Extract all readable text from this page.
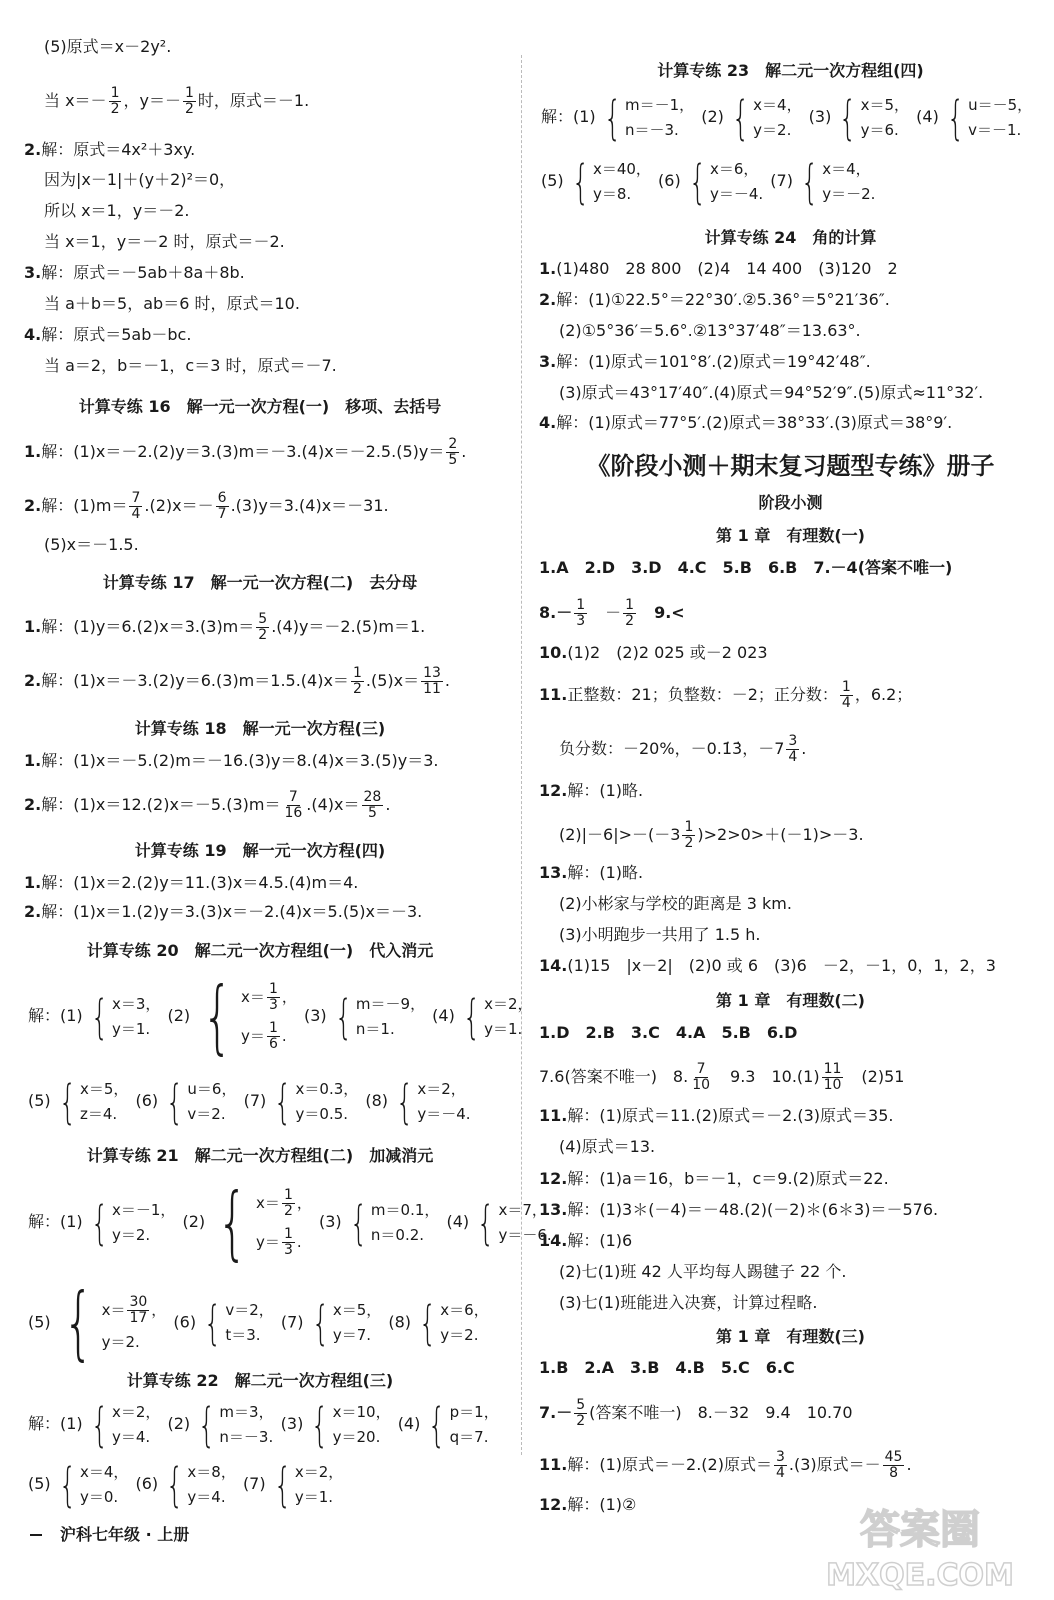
(5)原式＝x－2y².
当 $x=- \frac{1}{2}$ ，$y=- \frac{1}{2}$ 时，原式＝－1.
2.解：原式＝4x²＋3xy.
因为|x－1|＋(y＋2)²＝0，
所以 x＝1，y＝－2.
当 x＝1，y＝－2 时，原式＝－2.
3.解：原式＝－5ab＋8a＋8b.
当 a＋b＝5，ab＝6 时，原式＝10.
4.解：原式＝5ab－bc.
当 a＝2，b＝－1，c＝3 时，原式＝－7.
计算专练 16　解一元一次方程(一)　移项、去括号
1.解：$(1)x=-2.(2)y=3.(3)m=-3.(4)x=-2.5.(5)y= \frac{2}{5}$ .
2.解：$(1)m= \frac{7}{4} .(2)x=- \frac{6}{7} .(3)y=3.(4)x=-31$.
(5)x＝－1.5.
计算专练 17　解一元一次方程(二)　去分母
1.解：$(1)y=6.(2)x=3.(3)m= \frac{5}{2} .(4)y=-2.(5)m=1$.
2.解：$(1)x=-3.(2)y=6.(3)m=1.5.(4)x= \frac{1}{2} .(5)x= \frac{13}{11}$ .
计算专练 18　解一元一次方程(三)
1.解：(1)x＝－5.(2)m＝－16.(3)y＝8.(4)x＝3.(5)y＝3.
2.解：$(1)x=12.(2)x=-5.(3)m= \frac{7}{16} .(4)x= \frac{28}{5}$ .
计算专练 19　解一元一次方程(四)
1.解：(1)x＝2.(2)y＝11.(3)x＝4.5.(4)m＝4.
2.解：(1)x＝1.(2)y＝3.(3)x＝－2.(4)x＝5.(5)x＝－3.
计算专练 20　解二元一次方程组(一)　代入消元
解：(1) { x＝3，
y＝1.
(2) { $x= \frac{1}{3}$ ，
$y= \frac{1}{6}$ .
(3) { m＝－9，
n＝1.
(4) { x＝2，
y＝1.
(5) { x＝5，
z＝4.
(6) { u＝6，
v＝2.
(7) { x＝0.3，
y＝0.5.
(8) { x＝2，
y＝－4.
计算专练 21　解二元一次方程组(二)　加减消元
解：(1) { x＝－1，
y＝2.
(2) { $x= \frac{1}{2}$ ，
$y= \frac{1}{3}$ .
(3) { m＝0.1，
n＝0.2.
(4) { x＝7，
y＝－6.
(5) { $x= \frac{30}{17}$ ，
y＝2.
(6) { v＝2，
t＝3.
(7) { x＝5，
y＝7.
(8) { x＝6，
y＝2.
计算专练 22　解二元一次方程组(三)
解：(1) { x＝2，
y＝4.
(2) { m＝3，
n＝－3.
(3) { x＝10，
y＝20.
(4) { p＝1，
q＝7.
(5) { x＝4，
y＝0.
(6) { x＝8，
y＝4.
(7) { x＝2，
y＝1.
计算专练 23　解二元一次方程组(四)
解：(1) { m＝－1，
n＝－3.
(2) { x＝4，
y＝2.
(3) { x＝5，
y＝6.
(4) { u＝－5，
v＝－1.
(5) { x＝40，
y＝8.
(6) { x＝6，
y＝－4.
(7) { x＝4，
y＝－2.
计算专练 24　角的计算
1.(1)480　28 800　(2)4　14 400　(3)120　2
2.解：(1)①22.5°＝22°30′.②5.36°＝5°21′36″.
(2)①5°36′＝5.6°.②13°37′48″＝13.63°.
3.解：(1)原式＝101°8′.(2)原式＝19°42′48″.
(3)原式＝43°17′40″.(4)原式＝94°52′9″.(5)原式≈11°32′.
4.解：(1)原式＝77°5′.(2)原式＝38°33′.(3)原式＝38°9′.
《阶段小测＋期末复习题型专练》册子
阶段小测
第 1 章　有理数(一)
1.A　2.D　3.D　4.C　5.B　6.B　7.－4(答案不唯一)
$8.- \frac{1}{3}$ 　－ $\frac{1}{2}$ 　9.<
10.(1)2　(2)2 025 或－2 023
11.正整数：21；负整数：－2；正分数： $\frac{1}{4}$ ，6.2；
负分数：－20%，－0.1̇3̇，$-7 \frac{3}{4}$ .
12.解：(1)略.
$(2)|-6|>-(-3 \frac{1}{2} )>2>0>+(-1)>-3$.
13.解：(1)略.
(2)小彬家与学校的距离是 3 km.
(3)小明跑步一共用了 1.5 h.
14.(1)15　|x－2|　(2)0 或 6　(3)6　－2，－1，0，1，2，3
第 1 章　有理数(二)
1.D　2.B　3.C　4.A　5.B　6.D
7.6(答案不唯一)　8. $\frac{7}{10}$ 　9.3　$10.(1) \frac{11}{10}$ 　(2)51
11.解：(1)原式＝11.(2)原式＝－2.(3)原式＝35.
(4)原式＝13.
12.解：(1)a＝16，b＝－1，c＝9.(2)原式＝22.
13.解：(1)3＊(－4)＝－48.(2)(－2)＊(6＊3)＝－576.
14.解：(1)6
(2)七(1)班 42 人平均每人踢毽子 22 个.
(3)七(1)班能进入决赛，计算过程略.
第 1 章　有理数(三)
1.B　2.A　3.B　4.B　5.C　6.C
$7.- \frac{5}{2}$ (答案不唯一)　8.－32　9.4　10.70
11.解：(1)原式＝－2.(2)原式＝ $\frac{3}{4} .(3)$原式＝－ $\frac{45}{8}$ .
12.解：(1)②
沪科七年级 · 上册	答案圈
MXQE.COM
